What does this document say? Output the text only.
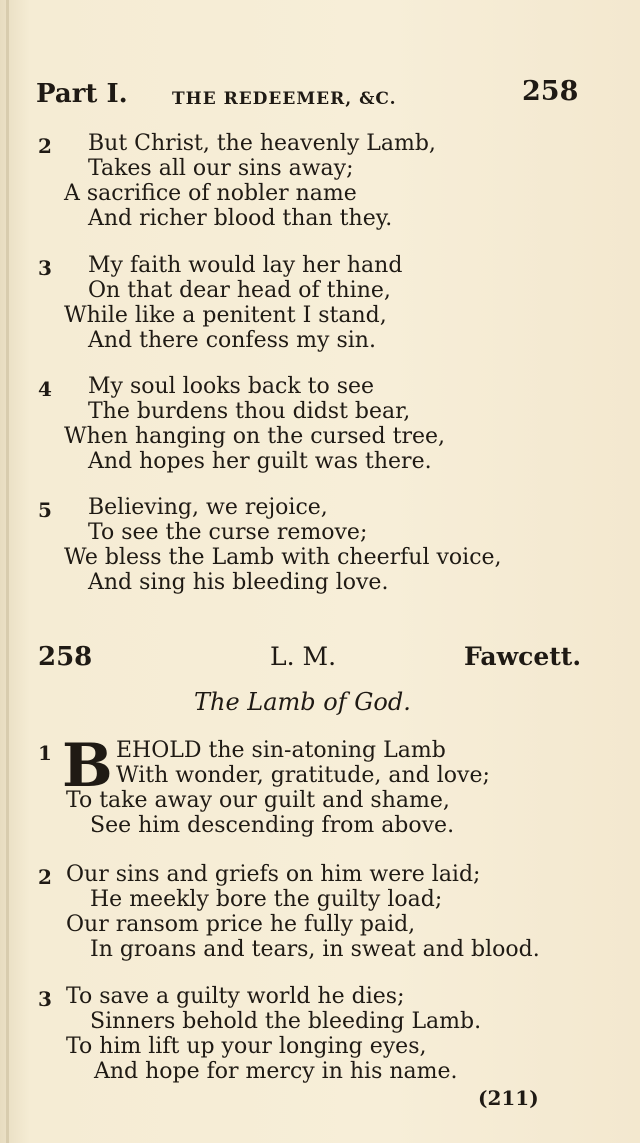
Part I.	THE REDEEMER, &C.	258
2 But Christ, the heavenly Lamb,
Takes all our sins away;
A sacrifice of nobler name
And richer blood than they.
3 My faith would lay her hand
On that dear head of thine,
While like a penitent I stand,
And there confess my sin.
4 My soul looks back to see
The burdens thou didst bear,
When hanging on the cursed tree,
And hopes her guilt was there.
5 Believing, we rejoice,
To see the curse remove;
We bless the Lamb with cheerful voice,
And sing his bleeding love.
258	L. M.	Fawcett.
The Lamb of God.
1 B EHOLD the sin-atoning Lamb
With wonder, gratitude, and love;
To take away our guilt and shame,
See him descending from above.
2 Our sins and griefs on him were laid;
He meekly bore the guilty load;
Our ransom price he fully paid,
In groans and tears, in sweat and blood.
3 To save a guilty world he dies;
Sinners behold the bleeding Lamb.
To him lift up your longing eyes,
And hope for mercy in his name.
(211)
